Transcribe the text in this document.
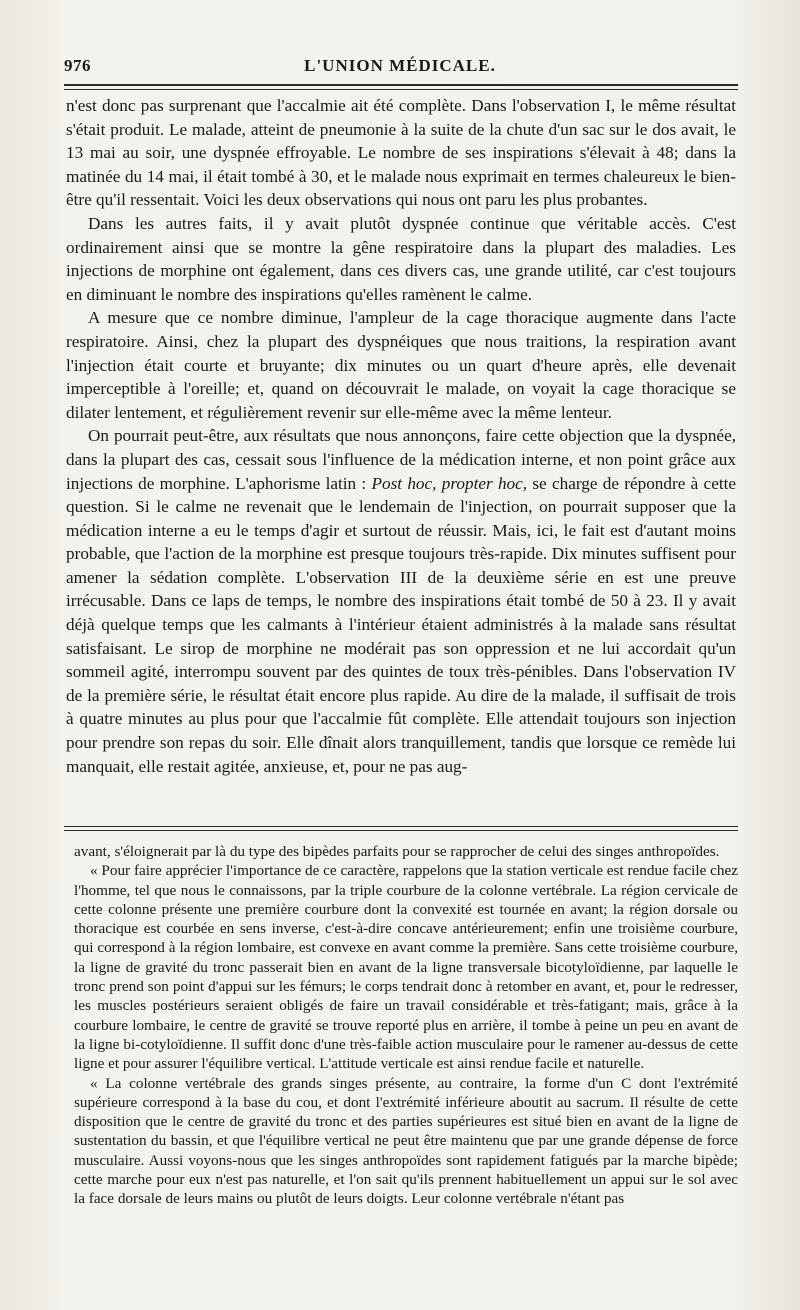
976	L'UNION MÉDICALE.

n'est donc pas surprenant que l'accalmie ait été complète. Dans l'observation I, le même résultat s'était produit. Le malade, atteint de pneumonie à la suite de la chute d'un sac sur le dos avait, le 13 mai au soir, une dyspnée effroyable. Le nombre de ses inspirations s'élevait à 48; dans la matinée du 14 mai, il était tombé à 30, et le malade nous exprimait en termes chaleureux le bien-être qu'il ressentait. Voici les deux observations qui nous ont paru les plus probantes.

Dans les autres faits, il y avait plutôt dyspnée continue que véritable accès. C'est ordinairement ainsi que se montre la gêne respiratoire dans la plupart des maladies. Les injections de morphine ont également, dans ces divers cas, une grande utilité, car c'est toujours en diminuant le nombre des inspirations qu'elles ramènent le calme.

A mesure que ce nombre diminue, l'ampleur de la cage thoracique augmente dans l'acte respiratoire. Ainsi, chez la plupart des dyspnéiques que nous traitions, la respiration avant l'injection était courte et bruyante; dix minutes ou un quart d'heure après, elle devenait imperceptible à l'oreille; et, quand on découvrait le malade, on voyait la cage thoracique se dilater lentement, et régulièrement revenir sur elle-même avec la même lenteur.

On pourrait peut-être, aux résultats que nous annonçons, faire cette objection que la dyspnée, dans la plupart des cas, cessait sous l'influence de la médication interne, et non point grâce aux injections de morphine. L'aphorisme latin : Post hoc, propter hoc, se charge de répondre à cette question. Si le calme ne revenait que le lendemain de l'injection, on pourrait supposer que la médication interne a eu le temps d'agir et surtout de réussir. Mais, ici, le fait est d'autant moins probable, que l'action de la morphine est presque toujours très-rapide. Dix minutes suffisent pour amener la sédation complète. L'observation III de la deuxième série en est une preuve irrécusable. Dans ce laps de temps, le nombre des inspirations était tombé de 50 à 23. Il y avait déjà quelque temps que les calmants à l'intérieur étaient administrés à la malade sans résultat satisfaisant. Le sirop de morphine ne modérait pas son oppression et ne lui accordait qu'un sommeil agité, interrompu souvent par des quintes de toux très-pénibles. Dans l'observation IV de la première série, le résultat était encore plus rapide. Au dire de la malade, il suffisait de trois à quatre minutes au plus pour que l'accalmie fût complète. Elle attendait toujours son injection pour prendre son repas du soir. Elle dînait alors tranquillement, tandis que lorsque ce remède lui manquait, elle restait agitée, anxieuse, et, pour ne pas aug-

avant, s'éloignerait par là du type des bipèdes parfaits pour se rapprocher de celui des singes anthropoïdes.

« Pour faire apprécier l'importance de ce caractère, rappelons que la station verticale est rendue facile chez l'homme, tel que nous le connaissons, par la triple courbure de la colonne vertébrale. La région cervicale de cette colonne présente une première courbure dont la convexité est tournée en avant; la région dorsale ou thoracique est courbée en sens inverse, c'est-à-dire concave antérieurement; enfin une troisième courbure, qui correspond à la région lombaire, est convexe en avant comme la première. Sans cette troisième courbure, la ligne de gravité du tronc passerait bien en avant de la ligne transversale bicotyloïdienne, par laquelle le tronc prend son point d'appui sur les fémurs; le corps tendrait donc à retomber en avant, et, pour le redresser, les muscles postérieurs seraient obligés de faire un travail considérable et très-fatigant; mais, grâce à la courbure lombaire, le centre de gravité se trouve reporté plus en arrière, il tombe à peine un peu en avant de la ligne bi-cotyloïdienne. Il suffit donc d'une très-faible action musculaire pour le ramener au-dessus de cette ligne et pour assurer l'équilibre vertical. L'attitude verticale est ainsi rendue facile et naturelle.

« La colonne vertébrale des grands singes présente, au contraire, la forme d'un C dont l'extrémité supérieure correspond à la base du cou, et dont l'extrémité inférieure aboutit au sacrum. Il résulte de cette disposition que le centre de gravité du tronc et des parties supérieures est situé bien en avant de la ligne de sustentation du bassin, et que l'équilibre vertical ne peut être maintenu que par une grande dépense de force musculaire. Aussi voyons-nous que les singes anthropoïdes sont rapidement fatigués par la marche bipède; cette marche pour eux n'est pas naturelle, et l'on sait qu'ils prennent habituellement un appui sur le sol avec la face dorsale de leurs mains ou plutôt de leurs doigts. Leur colonne vertébrale n'étant pas
